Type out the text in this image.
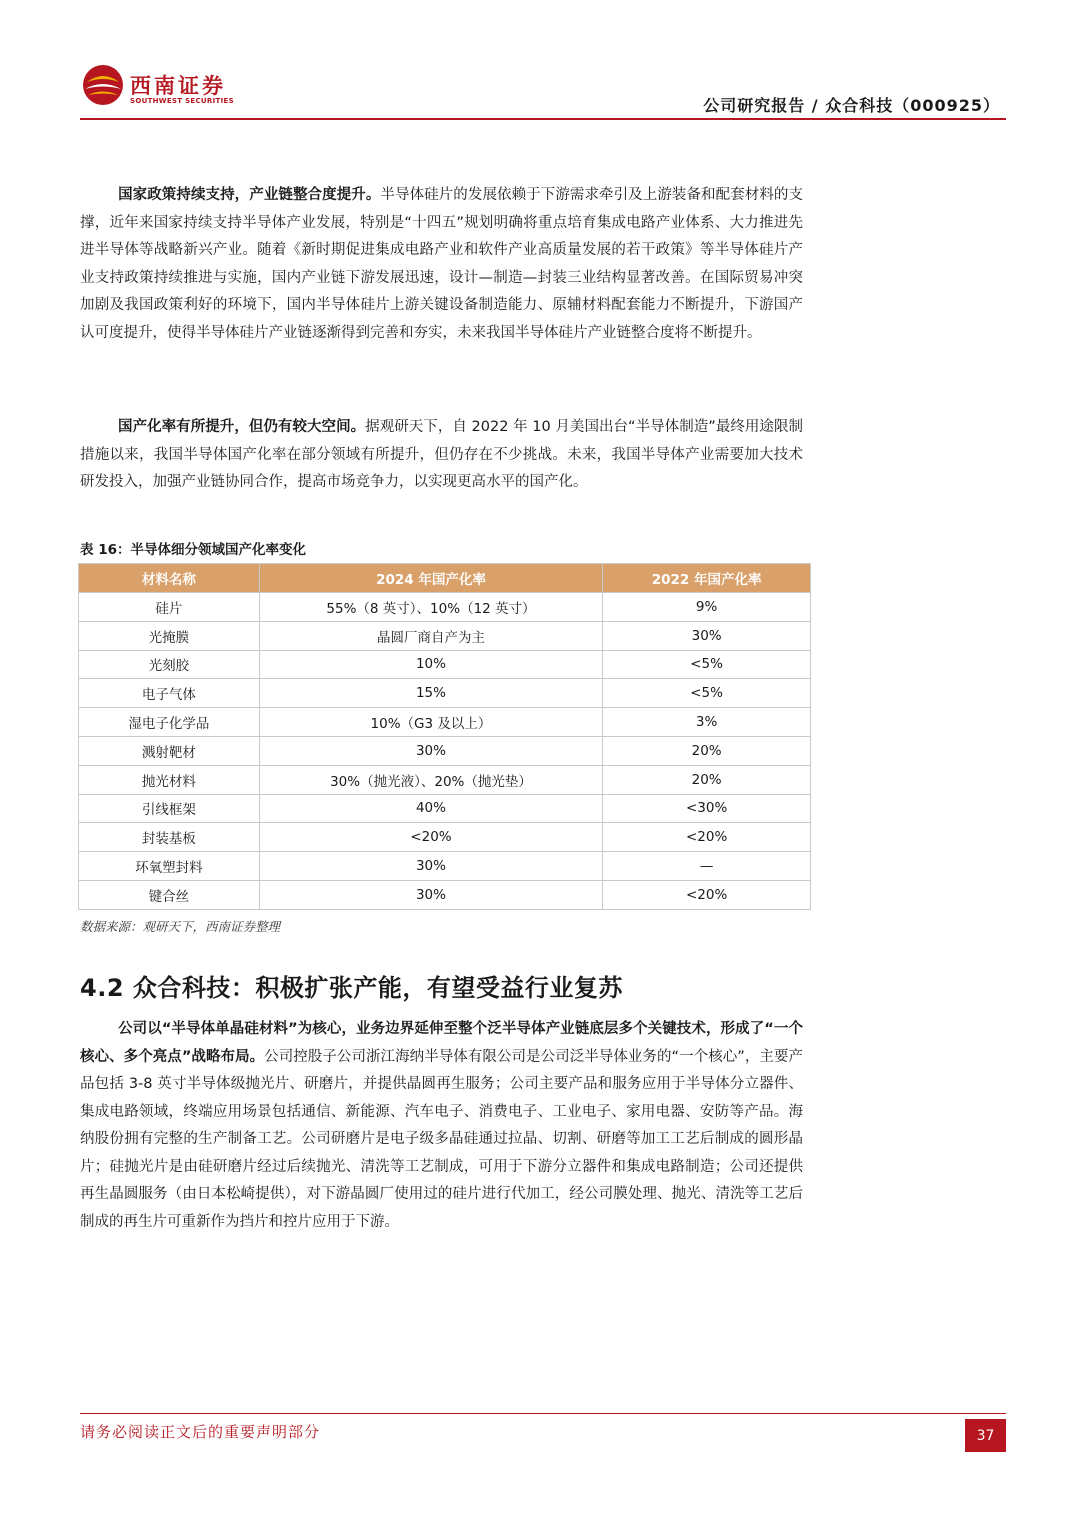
西南证券
SOUTHWEST SECURITIES	公司研究报告 / 众合科技（000925）

国家政策持续支持，产业链整合度提升。半导体硅片的发展依赖于下游需求牵引及上游装备和配套材料的支撑，近年来国家持续支持半导体产业发展，特别是“十四五”规划明确将重点培育集成电路产业体系、大力推进先进半导体等战略新兴产业。随着《新时期促进集成电路产业和软件产业高质量发展的若干政策》等半导体硅片产业支持政策持续推进与实施，国内产业链下游发展迅速，设计—制造—封装三业结构显著改善。在国际贸易冲突加剧及我国政策利好的环境下，国内半导体硅片上游关键设备制造能力、原辅材料配套能力不断提升，下游国产认可度提升，使得半导体硅片产业链逐渐得到完善和夯实，未来我国半导体硅片产业链整合度将不断提升。

国产化率有所提升，但仍有较大空间。据观研天下，自 2022 年 10 月美国出台“半导体制造”最终用途限制措施以来，我国半导体国产化率在部分领域有所提升，但仍存在不少挑战。未来，我国半导体产业需要加大技术研发投入，加强产业链协同合作，提高市场竞争力，以实现更高水平的国产化。

表 16：半导体细分领域国产化率变化
材料名称	2024 年国产化率	2022 年国产化率
硅片	55%（8 英寸）、10%（12 英寸）	9%
光掩膜	晶圆厂商自产为主	30%
光刻胶	10%	<5%
电子气体	15%	<5%
湿电子化学品	10%（G3 及以上）	3%
溅射靶材	30%	20%
抛光材料	30%（抛光液）、20%（抛光垫）	20%
引线框架	40%	<30%
封装基板	<20%	<20%
环氧塑封料	30%	—
键合丝	30%	<20%
数据来源：观研天下，西南证券整理
4.2 众合科技：积极扩张产能，有望受益行业复苏

公司以“半导体单晶硅材料”为核心，业务边界延伸至整个泛半导体产业链底层多个关键技术，形成了“一个核心、多个亮点”战略布局。公司控股子公司浙江海纳半导体有限公司是公司泛半导体业务的“一个核心”，主要产品包括 3-8 英寸半导体级抛光片、研磨片，并提供晶圆再生服务；公司主要产品和服务应用于半导体分立器件、集成电路领域，终端应用场景包括通信、新能源、汽车电子、消费电子、工业电子、家用电器、安防等产品。海纳股份拥有完整的生产制备工艺。公司研磨片是电子级多晶硅通过拉晶、切割、研磨等加工工艺后制成的圆形晶片；硅抛光片是由硅研磨片经过后续抛光、清洗等工艺制成，可用于下游分立器件和集成电路制造；公司还提供再生晶圆服务（由日本松崎提供），对下游晶圆厂使用过的硅片进行代加工，经公司膜处理、抛光、清洗等工艺后制成的再生片可重新作为挡片和控片应用于下游。

请务必阅读正文后的重要声明部分	37
